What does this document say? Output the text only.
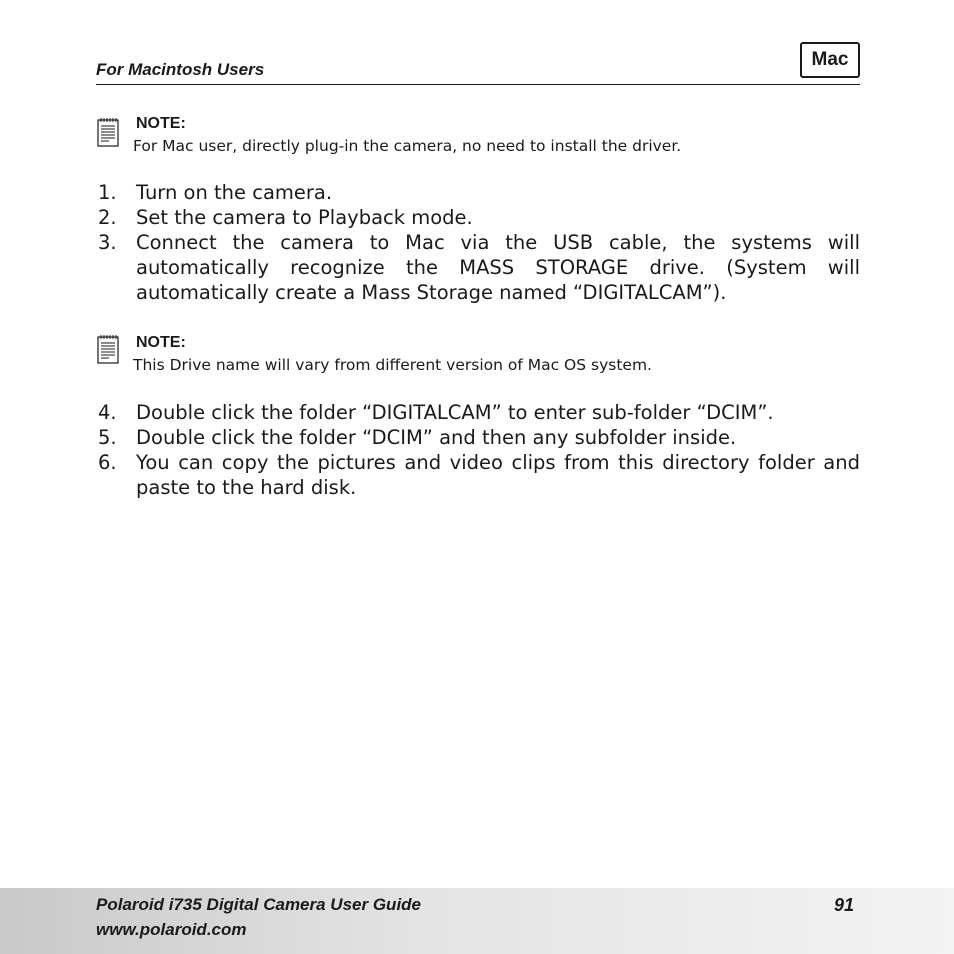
For Macintosh Users	Mac
NOTE:
For Mac user, directly plug-in the camera, no need to install the driver.
1. Turn on the camera.
2. Set the camera to Playback mode.
3. Connect the camera to Mac via the USB cable, the systems will automatically recognize the MASS STORAGE drive. (System will automatically create a Mass Storage named “DIGITALCAM”).
NOTE:
This Drive name will vary from different version of Mac OS system.
4. Double click the folder “DIGITALCAM” to enter sub-folder “DCIM”.
5. Double click the folder “DCIM” and then any subfolder inside.
6. You can copy the pictures and video clips from this directory folder and paste to the hard disk.
Polaroid i735 Digital Camera User Guide
www.polaroid.com
91
